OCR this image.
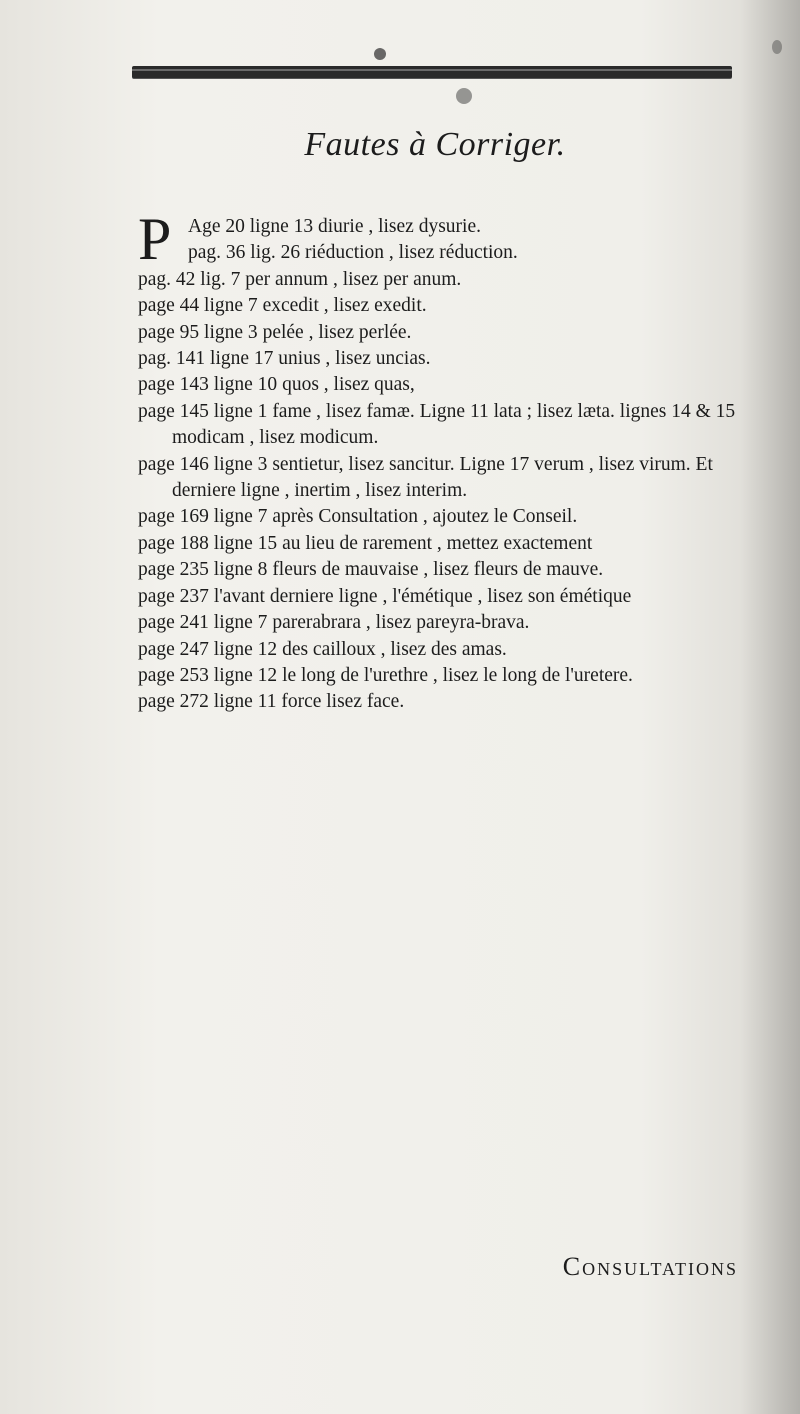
Fautes à Corriger.
P Age 20 ligne 13 diurie , lisez dysurie.
pag. 36 lig. 26 riéduction , lisez réduction.
pag. 42 lig. 7 per annum , lisez per anum.
page 44 ligne 7 excedit , lisez exedit.
page 95 ligne 3 pelée , lisez perlée.
pag. 141 ligne 17 unius , lisez uncias.
page 143 ligne 10 quos , lisez quas,
page 145 ligne 1 fame , lisez famæ. Ligne 11 lata ; lisez læta. lignes 14 & 15 modicam , lisez modicum.
page 146 ligne 3 sentietur, lisez sancitur. Ligne 17 verum , lisez virum. Et derniere ligne , inertim , lisez interim.
page 169 ligne 7 après Consultation , ajoutez le Conseil.
page 188 ligne 15 au lieu de rarement , mettez exactement
page 235 ligne 8 fleurs de mauvaise , lisez fleurs de mauve.
page 237 l'avant derniere ligne , l'émétique , lisez son émétique
page 241 ligne 7 parerabrara , lisez pareyra-brava.
page 247 ligne 12 des cailloux , lisez des amas.
page 253 ligne 12 le long de l'urethre , lisez le long de l'uretere.
page 272 ligne 11 force lisez face.
Consultations
